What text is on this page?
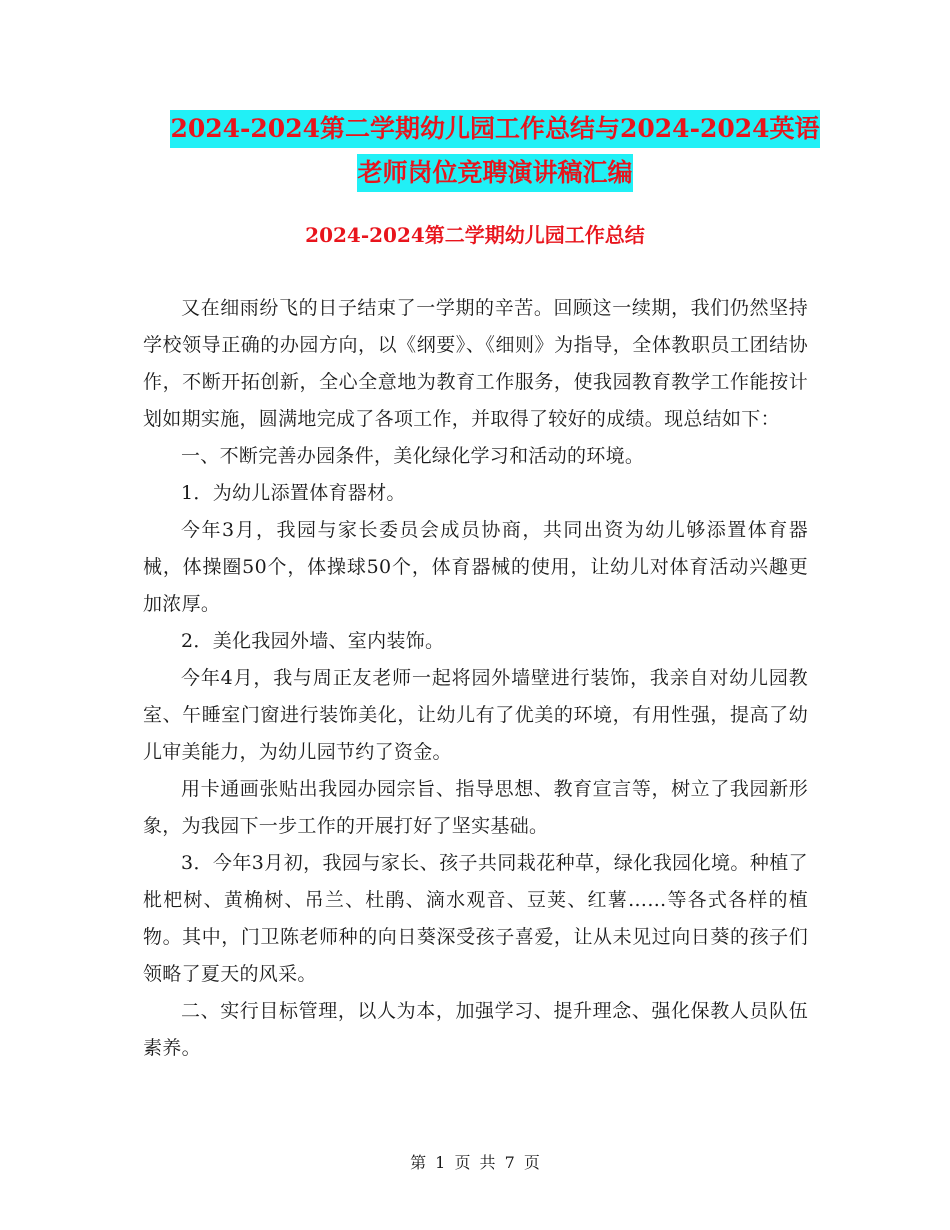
2024-2024第二学期幼儿园工作总结与2024-2024英语
老师岗位竞聘演讲稿汇编
2024-2024第二学期幼儿园工作总结

又在细雨纷飞的日子结束了一学期的辛苦。回顾这一续期，我们仍然坚持学校领导正确的办园方向，以《纲要》、《细则》为指导，全体教职员工团结协作，不断开拓创新，全心全意地为教育工作服务，使我园教育教学工作能按计划如期实施，圆满地完成了各项工作，并取得了较好的成绩。现总结如下：

一、不断完善办园条件，美化绿化学习和活动的环境。

1．为幼儿添置体育器材。

今年3月，我园与家长委员会成员协商，共同出资为幼儿够添置体育器械，体操圈50个，体操球50个，体育器械的使用，让幼儿对体育活动兴趣更加浓厚。

2．美化我园外墙、室内装饰。

今年4月，我与周正友老师一起将园外墙壁进行装饰，我亲自对幼儿园教室、午睡室门窗进行装饰美化，让幼儿有了优美的环境，有用性强，提高了幼儿审美能力，为幼儿园节约了资金。

用卡通画张贴出我园办园宗旨、指导思想、教育宣言等，树立了我园新形象，为我园下一步工作的开展打好了坚实基础。

3．今年3月初，我园与家长、孩子共同栽花种草，绿化我园化境。种植了枇杷树、黄桷树、吊兰、杜鹃、滴水观音、豆荚、红薯……等各式各样的植物。其中，门卫陈老师种的向日葵深受孩子喜爱，让从未见过向日葵的孩子们领略了夏天的风采。

二、实行目标管理，以人为本，加强学习、提升理念、强化保教人员队伍素养。

第 1 页 共 7 页
